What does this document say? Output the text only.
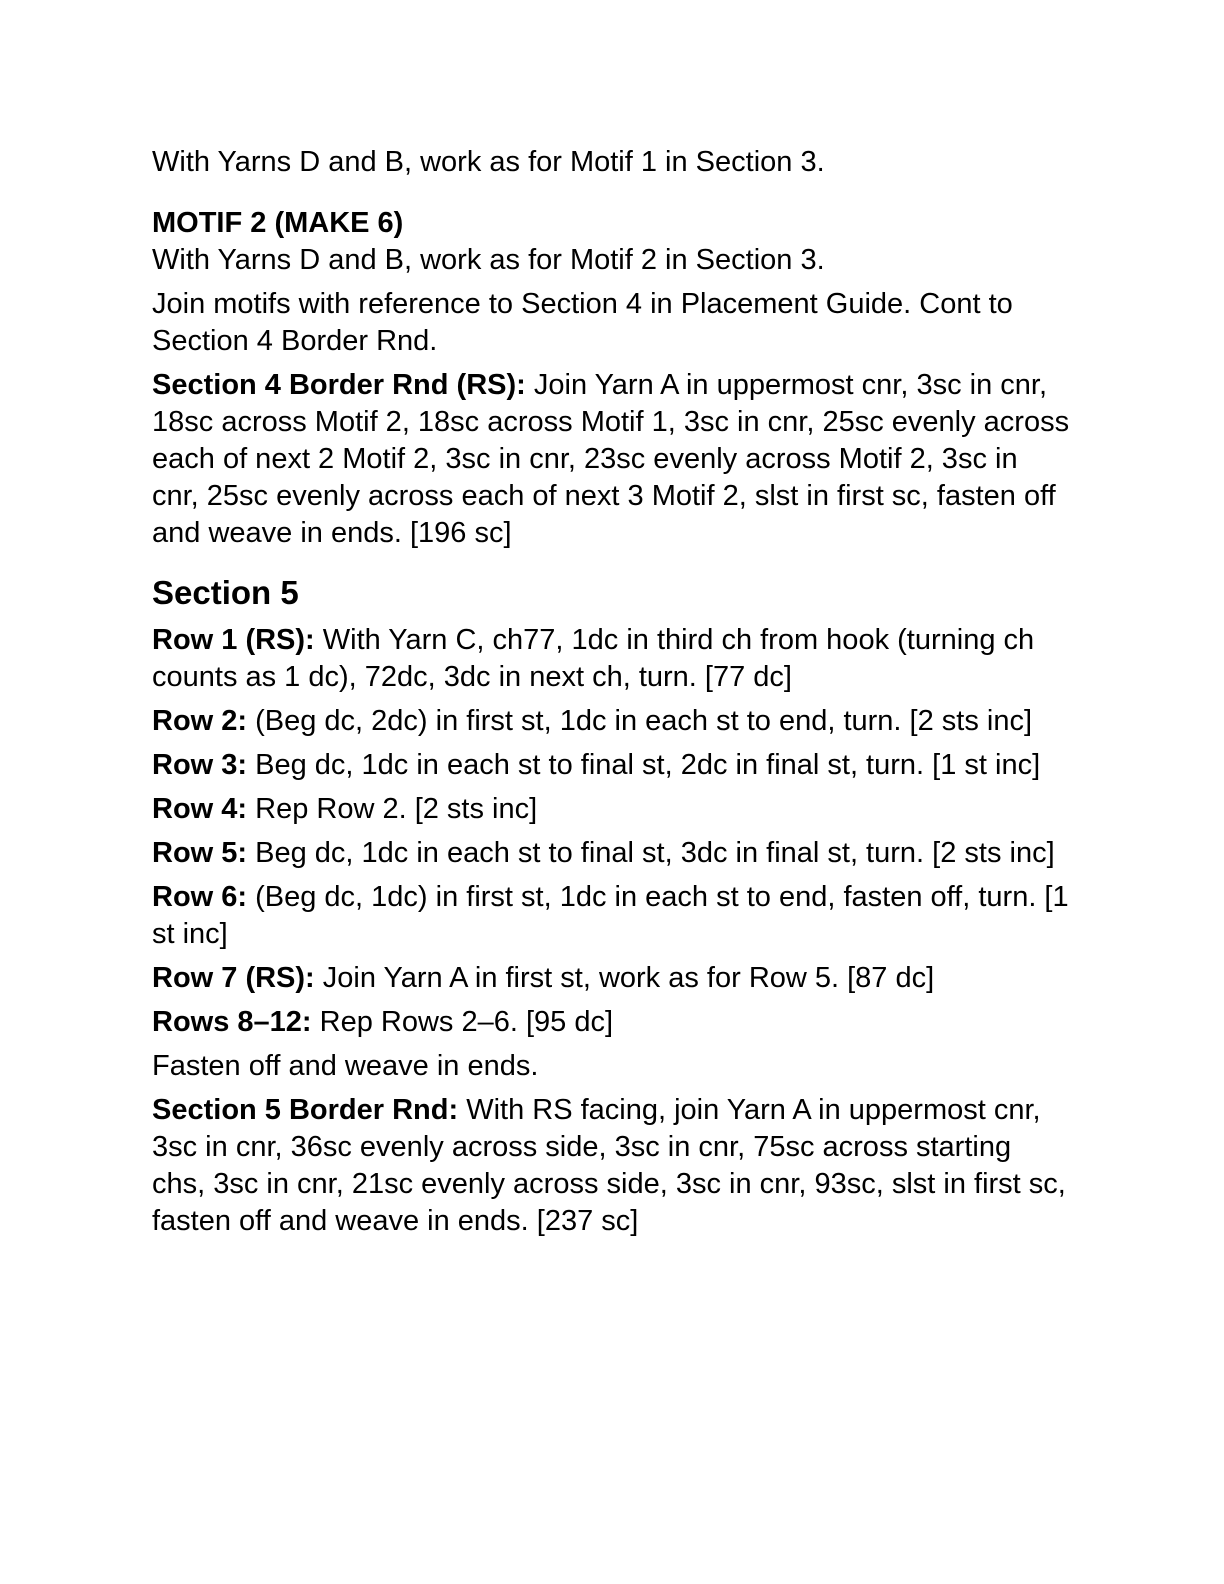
With Yarns D and B, work as for Motif 1 in Section 3.

MOTIF 2 (MAKE 6)

With Yarns D and B, work as for Motif 2 in Section 3.

Join motifs with reference to Section 4 in Placement Guide. Cont to Section 4 Border Rnd.

Section 4 Border Rnd (RS): Join Yarn A in uppermost cnr, 3sc in cnr, 18sc across Motif 2, 18sc across Motif 1, 3sc in cnr, 25sc evenly across each of next 2 Motif 2, 3sc in cnr, 23sc evenly across Motif 2, 3sc in cnr, 25sc evenly across each of next 3 Motif 2, slst in first sc, fasten off and weave in ends. [196 sc]

Section 5

Row 1 (RS): With Yarn C, ch77, 1dc in third ch from hook (turning ch counts as 1 dc), 72dc, 3dc in next ch, turn. [77 dc]

Row 2: (Beg dc, 2dc) in first st, 1dc in each st to end, turn. [2 sts inc]

Row 3: Beg dc, 1dc in each st to final st, 2dc in final st, turn. [1 st inc]

Row 4: Rep Row 2. [2 sts inc]

Row 5: Beg dc, 1dc in each st to final st, 3dc in final st, turn. [2 sts inc]

Row 6: (Beg dc, 1dc) in first st, 1dc in each st to end, fasten off, turn. [1 st inc]

Row 7 (RS): Join Yarn A in first st, work as for Row 5. [87 dc]

Rows 8–12: Rep Rows 2–6. [95 dc]

Fasten off and weave in ends.

Section 5 Border Rnd: With RS facing, join Yarn A in uppermost cnr, 3sc in cnr, 36sc evenly across side, 3sc in cnr, 75sc across starting chs, 3sc in cnr, 21sc evenly across side, 3sc in cnr, 93sc, slst in first sc, fasten off and weave in ends. [237 sc]
